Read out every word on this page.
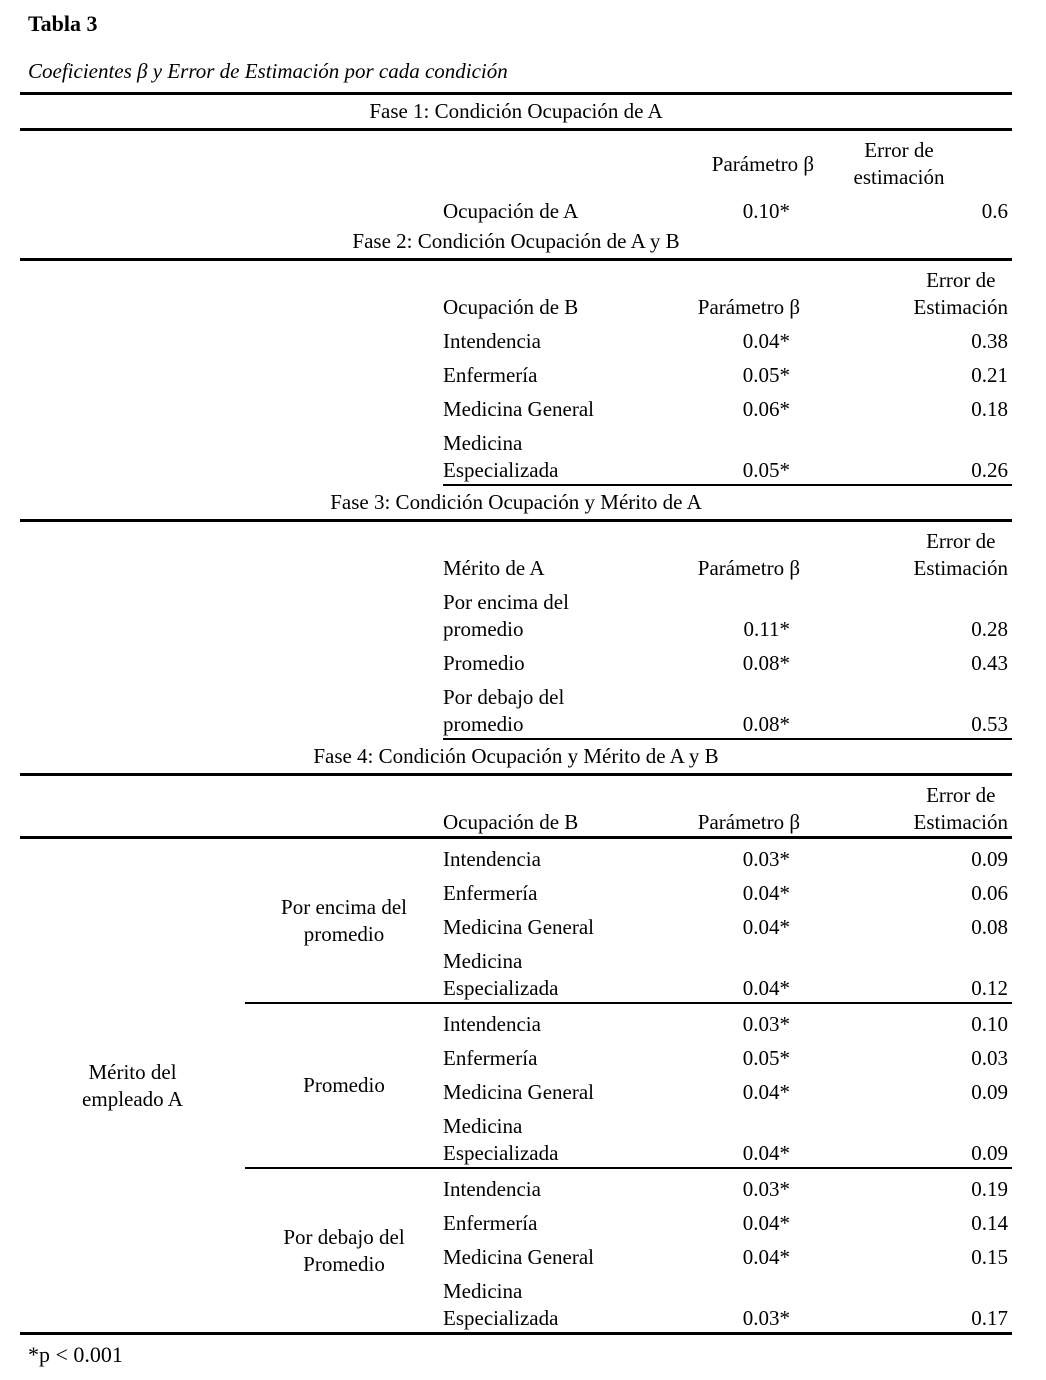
Tabla 3
Coeficientes β y Error de Estimación por cada condición
Fase 1: Condición Ocupación de A
Parámetro β
Error de
estimación
Ocupación de A	0.10*	0.6
Fase 2: Condición Ocupación de A y B
Ocupación de B	Parámetro β
Error de
Estimación
Intendencia	0.04*	0.38
Enfermería	0.05*	0.21
Medicina General	0.06*	0.18
Medicina Especializada	0.05*	0.26
Fase 3: Condición Ocupación y Mérito de A
Mérito de A	Parámetro β
Error de
Estimación
Por encima del promedio	0.11*	0.28
Promedio	0.08*	0.43
Por debajo del promedio	0.08*	0.53
Fase 4: Condición Ocupación y Mérito de A y B
Ocupación de B	Parámetro β
Error de
Estimación
Mérito del empleado A
Por encima del promedio
Intendencia	0.03*	0.09
Enfermería	0.04*	0.06
Medicina General	0.04*	0.08
Medicina Especializada	0.04*	0.12
Promedio
Intendencia	0.03*	0.10
Enfermería	0.05*	0.03
Medicina General	0.04*	0.09
Medicina Especializada	0.04*	0.09
Por debajo del Promedio
Intendencia	0.03*	0.19
Enfermería	0.04*	0.14
Medicina General	0.04*	0.15
Medicina Especializada	0.03*	0.17
*p < 0.001
